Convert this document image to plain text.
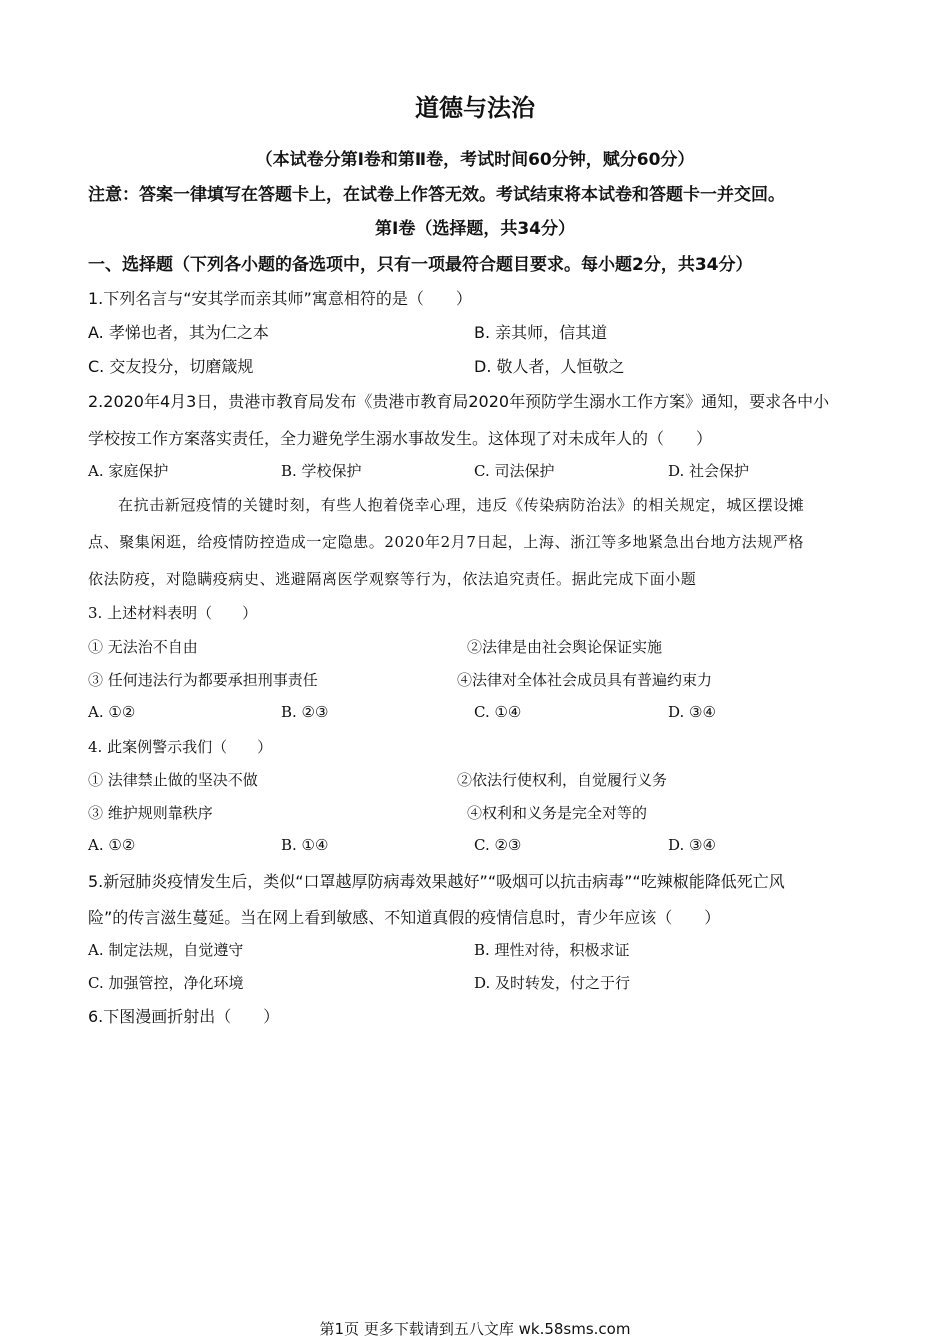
道德与法治
（本试卷分第Ⅰ卷和第Ⅱ卷，考试时间60分钟，赋分60分）
注意：答案一律填写在答题卡上，在试卷上作答无效。考试结束将本试卷和答题卡一并交回。
第Ⅰ卷（选择题，共34分）
一、选择题（下列各小题的备选项中，只有一项最符合题目要求。每小题2分，共34分）
1.下列名言与“安其学而亲其师”寓意相符的是（　　）
A. 孝悌也者，其为仁之本	B. 亲其师，信其道
C. 交友投分，切磨箴规	D. 敬人者，人恒敬之
2.2020年4月3日，贵港市教育局发布《贵港市教育局2020年预防学生溺水工作方案》通知，要求各中小
学校按工作方案落实责任，全力避免学生溺水事故发生。这体现了对未成年人的（　　）
A. 家庭保护	B. 学校保护	C. 司法保护	D. 社会保护
在抗击新冠疫情的关键时刻，有些人抱着侥幸心理，违反《传染病防治法》的相关规定，城区摆设摊
点、聚集闲逛，给疫情防控造成一定隐患。2020年2月7日起，上海、浙江等多地紧急出台地方法规严格
依法防疫，对隐瞒疫病史、逃避隔离医学观察等行为，依法追究责任。据此完成下面小题
3. 上述材料表明（　　）
① 无法治不自由	②法律是由社会舆论保证实施
③ 任何违法行为都要承担刑事责任	④法律对全体社会成员具有普遍约束力
A. ①②	B. ②③	C. ①④	D. ③④
4. 此案例警示我们（　　）
① 法律禁止做的坚决不做	②依法行使权利，自觉履行义务
③ 维护规则靠秩序	④权利和义务是完全对等的
A. ①②	B. ①④	C. ②③	D. ③④
5.新冠肺炎疫情发生后，类似“口罩越厚防病毒效果越好”“吸烟可以抗击病毒”“吃辣椒能降低死亡风
险”的传言滋生蔓延。当在网上看到敏感、不知道真假的疫情信息时，青少年应该（　　）
A. 制定法规，自觉遵守	B. 理性对待，积极求证
C. 加强管控，净化环境	D. 及时转发，付之于行
6.下图漫画折射出（　　）
第1页 更多下载请到五八文库 wk.58sms.com
